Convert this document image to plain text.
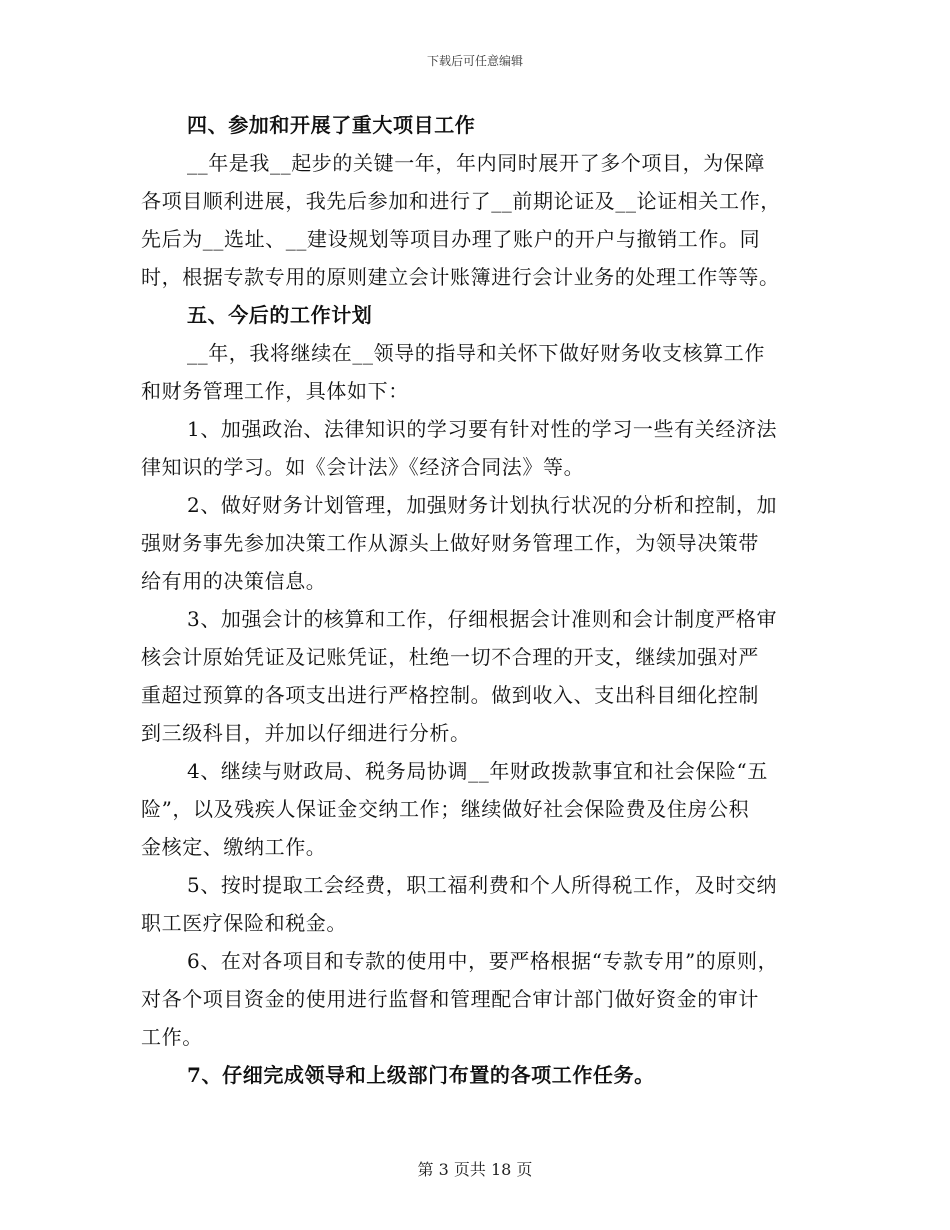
下载后可任意编辑
四、参加和开展了重大项目工作
__年是我__起步的关键一年，年内同时展开了多个项目，为保障
各项目顺利进展，我先后参加和进行了__前期论证及__论证相关工作，
先后为__选址、__建设规划等项目办理了账户的开户与撤销工作。同
时，根据专款专用的原则建立会计账簿进行会计业务的处理工作等等。
五、今后的工作计划
__年，我将继续在__领导的指导和关怀下做好财务收支核算工作
和财务管理工作，具体如下：
1、加强政治、法律知识的学习要有针对性的学习一些有关经济法
律知识的学习。如《会计法》《经济合同法》等。
2、做好财务计划管理，加强财务计划执行状况的分析和控制，加
强财务事先参加决策工作从源头上做好财务管理工作，为领导决策带
给有用的决策信息。
3、加强会计的核算和工作，仔细根据会计准则和会计制度严格审
核会计原始凭证及记账凭证，杜绝一切不合理的开支，继续加强对严
重超过预算的各项支出进行严格控制。做到收入、支出科目细化控制
到三级科目，并加以仔细进行分析。
4、继续与财政局、税务局协调__年财政拨款事宜和社会保险“五
险”，以及残疾人保证金交纳工作；继续做好社会保险费及住房公积
金核定、缴纳工作。
5、按时提取工会经费，职工福利费和个人所得税工作，及时交纳
职工医疗保险和税金。
6、在对各项目和专款的使用中，要严格根据“专款专用”的原则，
对各个项目资金的使用进行监督和管理配合审计部门做好资金的审计
工作。
7、仔细完成领导和上级部门布置的各项工作任务。
第 3 页共 18 页
